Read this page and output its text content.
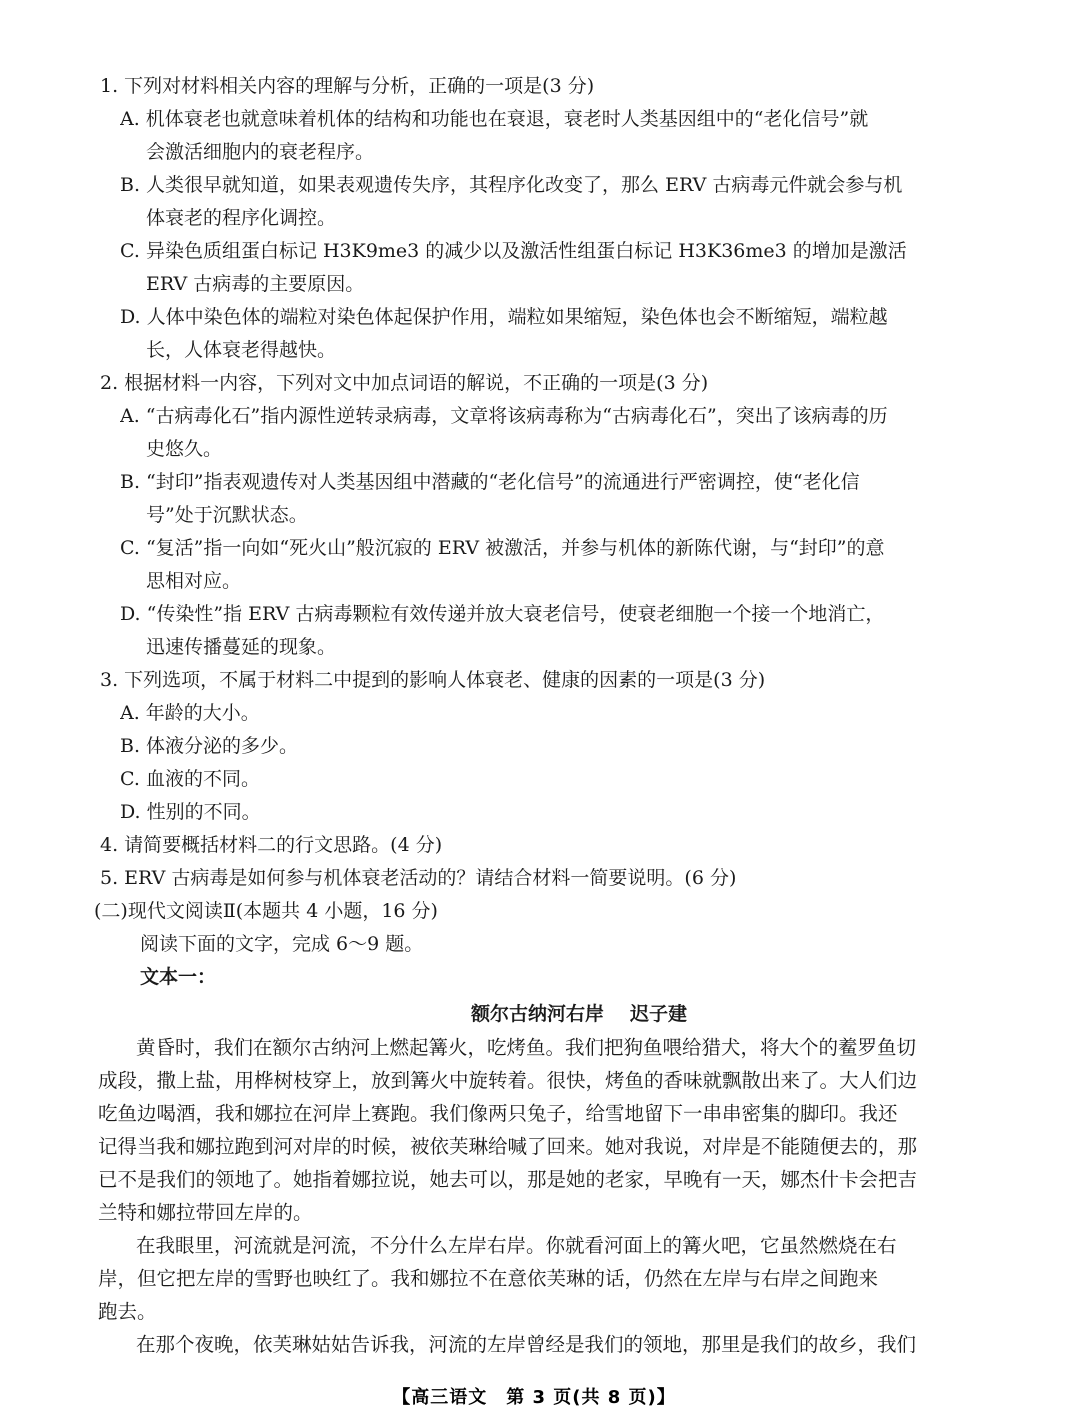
1. 下列对材料相关内容的理解与分析，正确的一项是(3 分)
A. 机体衰老也就意味着机体的结构和功能也在衰退，衰老时人类基因组中的“老化信号”就
会激活细胞内的衰老程序。
B. 人类很早就知道，如果表观遗传失序，其程序化改变了，那么 ERV 古病毒元件就会参与机
体衰老的程序化调控。
C. 异染色质组蛋白标记 H3K9me3 的减少以及激活性组蛋白标记 H3K36me3 的增加是激活
ERV 古病毒的主要原因。
D. 人体中染色体的端粒对染色体起保护作用，端粒如果缩短，染色体也会不断缩短，端粒越
长，人体衰老得越快。
2. 根据材料一内容，下列对文中加点词语的解说，不正确的一项是(3 分)
A. “古病毒化石”指内源性逆转录病毒，文章将该病毒称为“古病毒化石”，突出了该病毒的历
史悠久。
B. “封印”指表观遗传对人类基因组中潜藏的“老化信号”的流通进行严密调控，使“老化信
号”处于沉默状态。
C. “复活”指一向如“死火山”般沉寂的 ERV 被激活，并参与机体的新陈代谢，与“封印”的意
思相对应。
D. “传染性”指 ERV 古病毒颗粒有效传递并放大衰老信号，使衰老细胞一个接一个地消亡，
迅速传播蔓延的现象。
3. 下列选项，不属于材料二中提到的影响人体衰老、健康的因素的一项是(3 分)
A. 年龄的大小。
B. 体液分泌的多少。
C. 血液的不同。
D. 性别的不同。
4. 请简要概括材料二的行文思路。(4 分)
5. ERV 古病毒是如何参与机体衰老活动的？请结合材料一简要说明。(6 分)
(二)现代文阅读Ⅱ(本题共 4 小题，16 分)
阅读下面的文字，完成 6～9 题。
文本一：
额尔古纳河右岸 迟子建
黄昏时，我们在额尔古纳河上燃起篝火，吃烤鱼。我们把狗鱼喂给猎犬，将大个的鲝罗鱼切
成段，撒上盐，用桦树枝穿上，放到篝火中旋转着。很快，烤鱼的香味就飘散出来了。大人们边
吃鱼边喝酒，我和娜拉在河岸上赛跑。我们像两只兔子，给雪地留下一串串密集的脚印。我还
记得当我和娜拉跑到河对岸的时候，被依芙琳给喊了回来。她对我说，对岸是不能随便去的，那
已不是我们的领地了。她指着娜拉说，她去可以，那是她的老家，早晚有一天，娜杰什卡会把吉
兰特和娜拉带回左岸的。
在我眼里，河流就是河流，不分什么左岸右岸。你就看河面上的篝火吧，它虽然燃烧在右
岸，但它把左岸的雪野也映红了。我和娜拉不在意依芙琳的话，仍然在左岸与右岸之间跑来
跑去。
在那个夜晚，依芙琳姑姑告诉我，河流的左岸曾经是我们的领地，那里是我们的故乡，我们
【高三语文　第 3 页(共 8 页)】
